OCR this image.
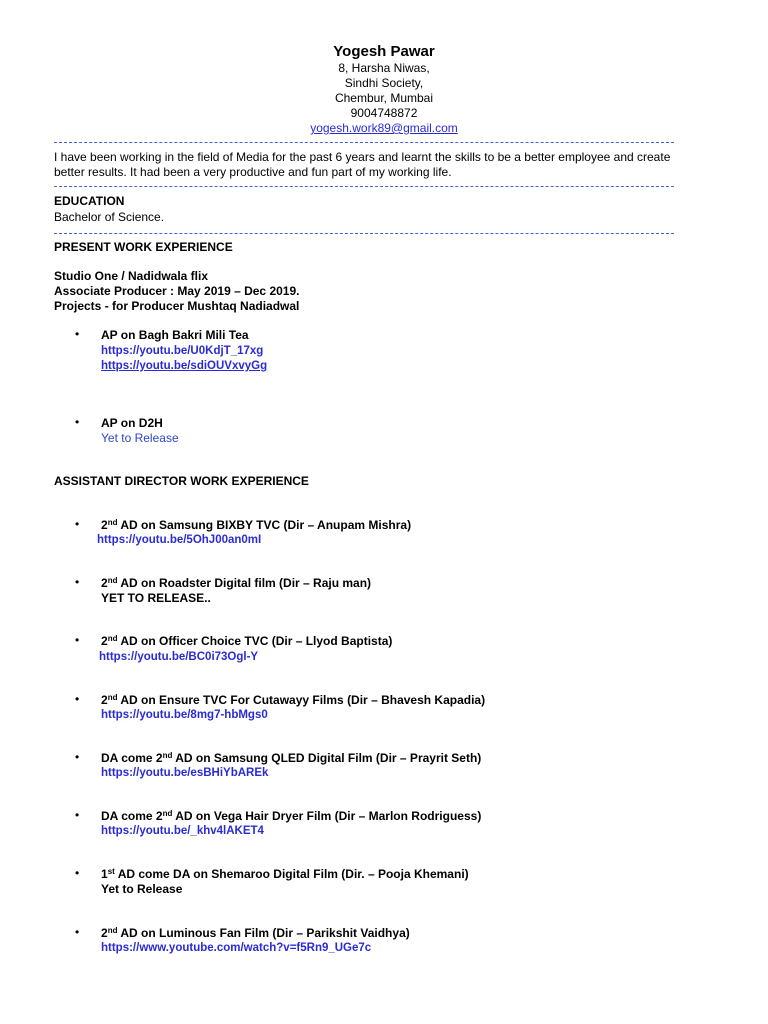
Yogesh Pawar
8, Harsha Niwas,
Sindhi Society,
Chembur, Mumbai
9004748872
yogesh.work89@gmail.com
I have been working in the field of Media for the past 6 years and learnt the skills to be a better employee and create better results. It had been a very productive and fun part of my working life.
EDUCATION
Bachelor of Science.
PRESENT WORK EXPERIENCE
Studio One / Nadidwala flix
Associate Producer : May 2019 – Dec 2019.
Projects - for Producer Mushtaq Nadiadwal
• AP on Bagh Bakri Mili Tea
https://youtu.be/U0KdjT_17xg
https://youtu.be/sdiOUVxvyGg
• AP on D2H
Yet to Release
ASSISTANT DIRECTOR WORK EXPERIENCE
• 2nd AD on Samsung BIXBY TVC (Dir – Anupam Mishra)
https://youtu.be/5OhJ00an0mI
• 2nd AD on Roadster Digital film (Dir – Raju man)
YET TO RELEASE..
• 2nd AD on Officer Choice TVC (Dir – Llyod Baptista)
https://youtu.be/BC0i73Ogl-Y
• 2nd AD on Ensure TVC For Cutawayy Films (Dir – Bhavesh Kapadia)
https://youtu.be/8mg7-hbMgs0
• DA come 2nd AD on Samsung QLED Digital Film (Dir – Prayrit Seth)
https://youtu.be/esBHiYbAREk
• DA come 2nd AD on Vega Hair Dryer Film (Dir – Marlon Rodriguess)
https://youtu.be/_khv4lAKET4
• 1st AD come DA on Shemaroo Digital Film (Dir. – Pooja Khemani)
Yet to Release
• 2nd AD on Luminous Fan Film (Dir – Parikshit Vaidhya)
https://www.youtube.com/watch?v=f5Rn9_UGe7c
